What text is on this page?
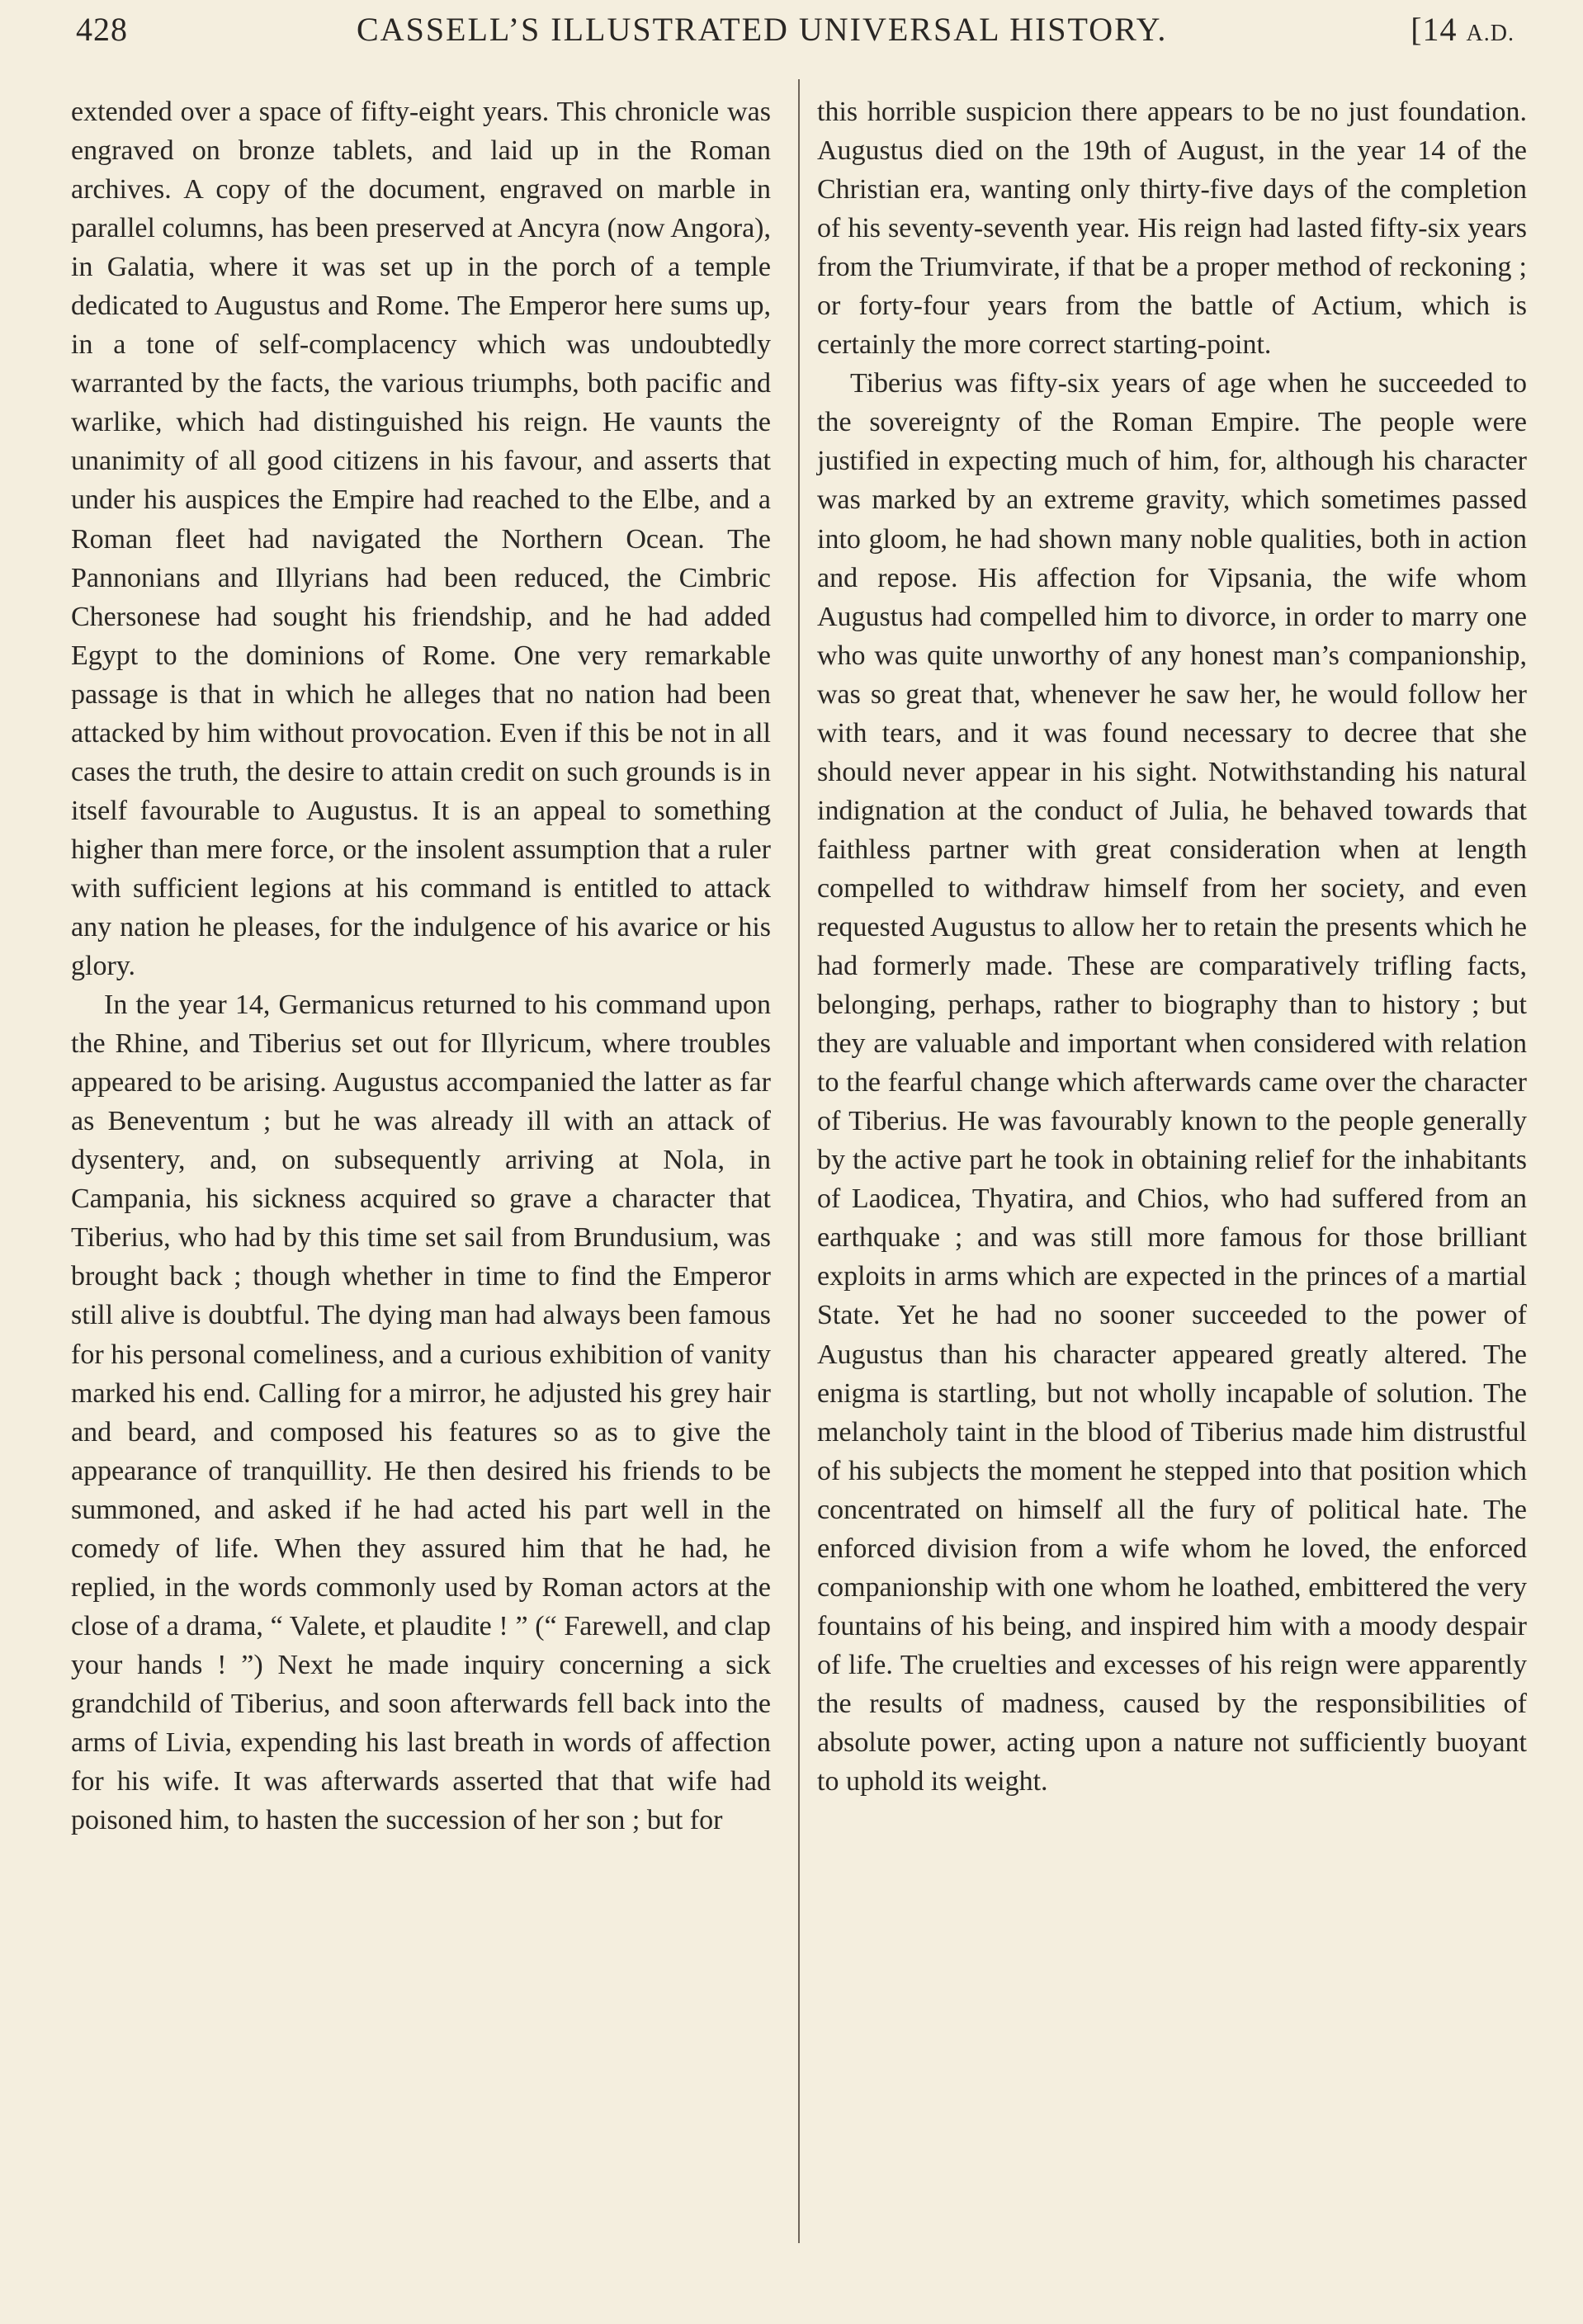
428	CASSELL’S ILLUSTRATED UNIVERSAL HISTORY.	[14 A.D.

extended over a space of fifty-eight years. This chronicle was engraved on bronze tablets, and laid up in the Roman archives. A copy of the document, engraved on marble in parallel columns, has been preserved at Ancyra (now Angora), in Galatia, where it was set up in the porch of a temple dedicated to Augustus and Rome. The Emperor here sums up, in a tone of self-complacency which was undoubtedly warranted by the facts, the various triumphs, both pacific and warlike, which had distinguished his reign. He vaunts the unanimity of all good citizens in his favour, and asserts that under his auspices the Empire had reached to the Elbe, and a Roman fleet had navigated the Northern Ocean. The Pannonians and Illyrians had been reduced, the Cimbric Chersonese had sought his friendship, and he had added Egypt to the dominions of Rome. One very remarkable passage is that in which he alleges that no nation had been attacked by him without provocation. Even if this be not in all cases the truth, the desire to attain credit on such grounds is in itself favourable to Augustus. It is an appeal to something higher than mere force, or the insolent assumption that a ruler with sufficient legions at his command is entitled to attack any nation he pleases, for the indulgence of his avarice or his glory.

In the year 14, Germanicus returned to his command upon the Rhine, and Tiberius set out for Illyricum, where troubles appeared to be arising. Augustus accompanied the latter as far as Beneventum ; but he was already ill with an attack of dysentery, and, on subsequently arriving at Nola, in Campania, his sickness acquired so grave a character that Tiberius, who had by this time set sail from Brundusium, was brought back ; though whether in time to find the Emperor still alive is doubtful. The dying man had always been famous for his personal comeliness, and a curious exhibition of vanity marked his end. Calling for a mirror, he adjusted his grey hair and beard, and composed his features so as to give the appearance of tranquillity. He then desired his friends to be summoned, and asked if he had acted his part well in the comedy of life. When they assured him that he had, he replied, in the words commonly used by Roman actors at the close of a drama, “ Valete, et plaudite ! ” (“ Farewell, and clap your hands ! ”) Next he made inquiry concerning a sick grandchild of Tiberius, and soon afterwards fell back into the arms of Livia, expending his last breath in words of affection for his wife. It was afterwards asserted that that wife had poisoned him, to hasten the succession of her son ; but for

this horrible suspicion there appears to be no just foundation. Augustus died on the 19th of August, in the year 14 of the Christian era, wanting only thirty-five days of the completion of his seventy-seventh year. His reign had lasted fifty-six years from the Triumvirate, if that be a proper method of reckoning ; or forty-four years from the battle of Actium, which is certainly the more correct starting-point.

Tiberius was fifty-six years of age when he succeeded to the sovereignty of the Roman Empire. The people were justified in expecting much of him, for, although his character was marked by an extreme gravity, which sometimes passed into gloom, he had shown many noble qualities, both in action and repose. His affection for Vipsania, the wife whom Augustus had compelled him to divorce, in order to marry one who was quite unworthy of any honest man’s companionship, was so great that, whenever he saw her, he would follow her with tears, and it was found necessary to decree that she should never appear in his sight. Notwithstanding his natural indignation at the conduct of Julia, he behaved towards that faithless partner with great consideration when at length compelled to withdraw himself from her society, and even requested Augustus to allow her to retain the presents which he had formerly made. These are comparatively trifling facts, belonging, perhaps, rather to biography than to history ; but they are valuable and important when considered with relation to the fearful change which afterwards came over the character of Tiberius. He was favourably known to the people generally by the active part he took in obtaining relief for the inhabitants of Laodicea, Thyatira, and Chios, who had suffered from an earthquake ; and was still more famous for those brilliant exploits in arms which are expected in the princes of a martial State. Yet he had no sooner succeeded to the power of Augustus than his character appeared greatly altered. The enigma is startling, but not wholly incapable of solution. The melancholy taint in the blood of Tiberius made him distrustful of his subjects the moment he stepped into that position which concentrated on himself all the fury of political hate. The enforced division from a wife whom he loved, the enforced companionship with one whom he loathed, embittered the very fountains of his being, and inspired him with a moody despair of life. The cruelties and excesses of his reign were apparently the results of madness, caused by the responsibilities of absolute power, acting upon a nature not sufficiently buoyant to uphold its weight.
